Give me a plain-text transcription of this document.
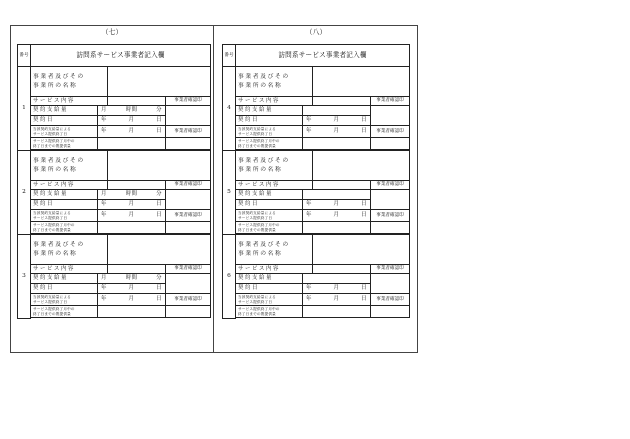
（七）	（八）
番号	訪問系サービス事業者記入欄			
1	事業者及びその
事業所の名称			

	サービス内容			事業者確認印
	契約支給量	月 時間 分		

	契約日	年 月 日		

	当該契約支給量による
サービス提供終了日	年 月 日		事業者確認印
	サービス提供終了月中の
終了日までの既提供量			

2	事業者及びその
事業所の名称			

	サービス内容			事業者確認印
	契約支給量	月 時間 分		

	契約日	年 月 日		

	当該契約支給量による
サービス提供終了日	年 月 日		事業者確認印
	サービス提供終了月中の
終了日までの既提供量			

3	事業者及びその
事業所の名称			

	サービス内容			事業者確認印
	契約支給量	月 時間 分		

	契約日	年 月 日		

	当該契約支給量による
サービス提供終了日	年 月 日		事業者確認印
	サービス提供終了月中の
終了日までの既提供量			

番号	訪問系サービス事業者記入欄			
4	事業者及びその
事業所の名称			

	サービス内容			事業者確認印
	契約支給量			
	契約日	年 月 日		

	当該契約支給量による
サービス提供終了日	年 月 日		事業者確認印
	サービス提供終了月中の
終了日までの既提供量			

5	事業者及びその
事業所の名称			

	サービス内容			事業者確認印
	契約支給量			
	契約日	年 月 日		

	当該契約支給量による
サービス提供終了日	年 月 日		事業者確認印
	サービス提供終了月中の
終了日までの既提供量			

6	事業者及びその
事業所の名称			

	サービス内容			事業者確認印
	契約支給量			
	契約日	年 月 日		

	当該契約支給量による
サービス提供終了日	年 月 日		事業者確認印
	サービス提供終了月中の
終了日までの既提供量			
